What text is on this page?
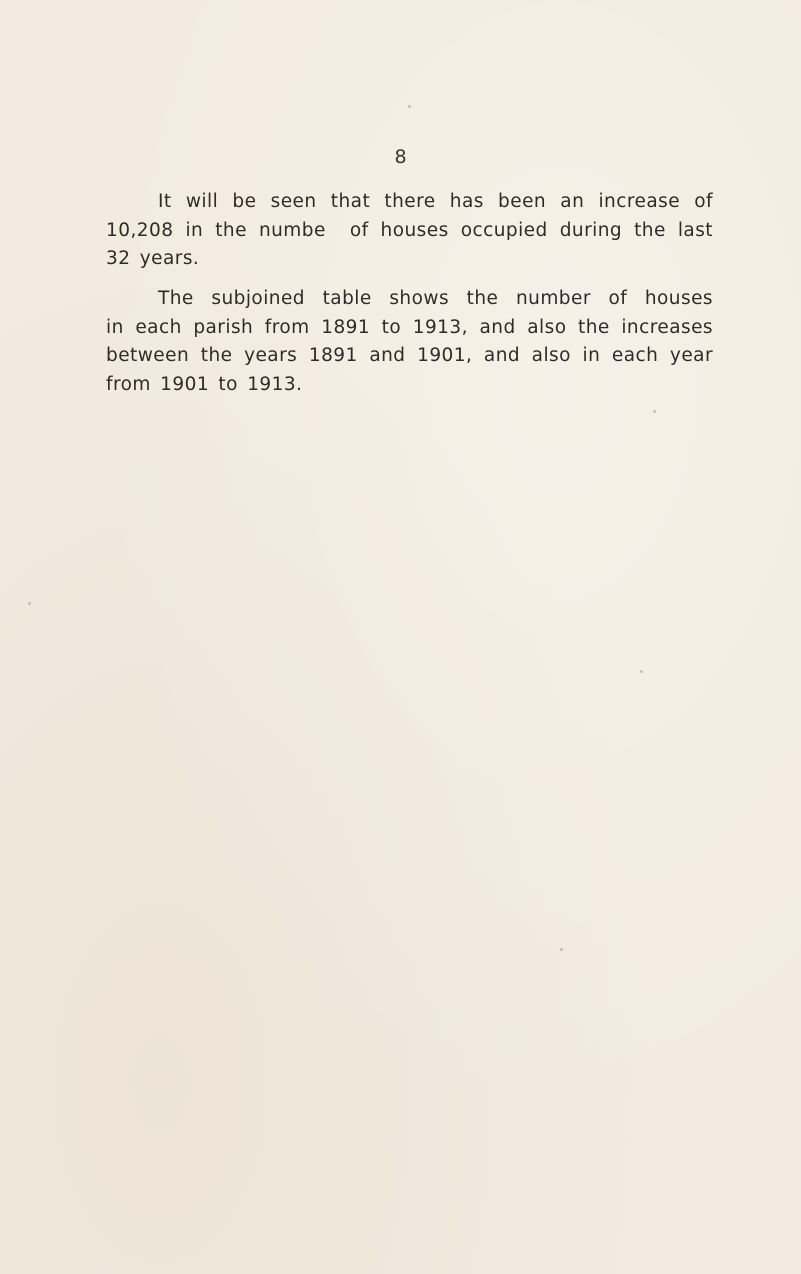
8

It will be seen that there has been an increase of
10,208 in the numbe  of houses occupied during the last
32 years.

The subjoined table shows the number of houses
in each parish from 1891 to 1913, and also the increases
between the years 1891 and 1901, and also in each year
from 1901 to 1913.
